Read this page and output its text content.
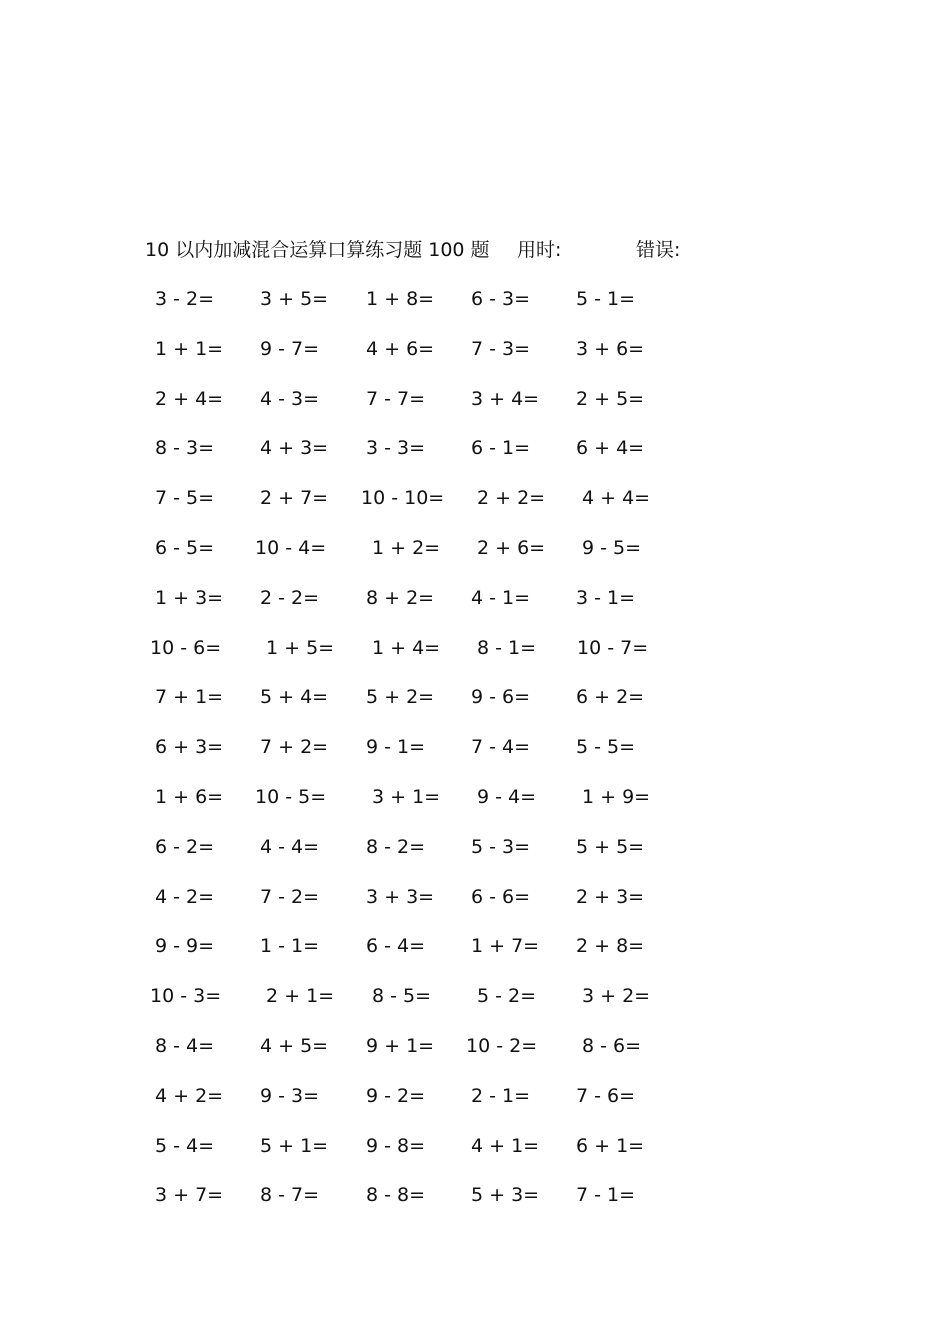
10 以内加减混合运算口算练习题 100 题 用时:	错误:
3 - 2= 3 + 5= 1 + 8= 6 - 3= 5 - 1=
1 + 1= 9 - 7= 4 + 6= 7 - 3= 3 + 6=
2 + 4= 4 - 3= 7 - 7= 3 + 4= 2 + 5=
8 - 3= 4 + 3= 3 - 3= 6 - 1= 6 + 4=
7 - 5= 2 + 7= 10 - 10= 2 + 2= 4 + 4=
6 - 5= 10 - 4= 1 + 2= 2 + 6= 9 - 5=
1 + 3= 2 - 2= 8 + 2= 4 - 1= 3 - 1=
10 - 6= 1 + 5= 1 + 4= 8 - 1= 10 - 7=
7 + 1= 5 + 4= 5 + 2= 9 - 6= 6 + 2=
6 + 3= 7 + 2= 9 - 1= 7 - 4= 5 - 5=
1 + 6= 10 - 5= 3 + 1= 9 - 4= 1 + 9=
6 - 2= 4 - 4= 8 - 2= 5 - 3= 5 + 5=
4 - 2= 7 - 2= 3 + 3= 6 - 6= 2 + 3=
9 - 9= 1 - 1= 6 - 4= 1 + 7= 2 + 8=
10 - 3= 2 + 1= 8 - 5= 5 - 2= 3 + 2=
8 - 4= 4 + 5= 9 + 1= 10 - 2= 8 - 6=
4 + 2= 9 - 3= 9 - 2= 2 - 1= 7 - 6=
5 - 4= 5 + 1= 9 - 8= 4 + 1= 6 + 1=
3 + 7= 8 - 7= 8 - 8= 5 + 3= 7 - 1=
